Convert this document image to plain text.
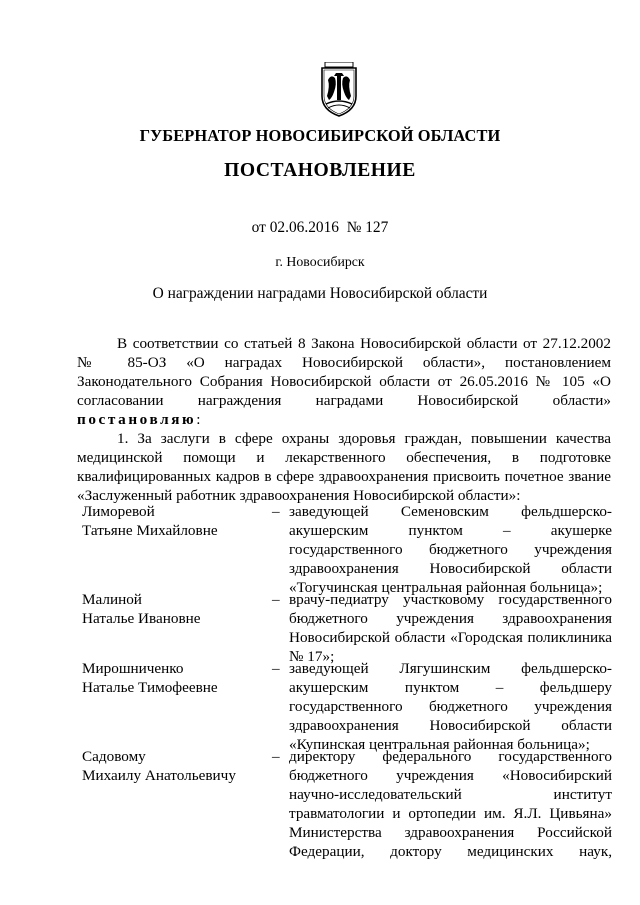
ГУБЕРНАТОР НОВОСИБИРСКОЙ ОБЛАСТИ
ПОСТАНОВЛЕНИЕ
от 02.06.2016  № 127
г. Новосибирск
О награждении наградами Новосибирской области
В соответствии со статьей 8 Закона Новосибирской области от 27.12.2002
№ 85-ОЗ «О наградах Новосибирской области», постановлением
Законодательного Собрания Новосибирской области от 26.05.2016 № 105 «О
согласовании награждения наградами Новосибирской области»
постановляю:
1. За заслуги в сфере охраны здоровья граждан, повышении качества
медицинской помощи и лекарственного обеспечения, в подготовке
квалифицированных кадров в сфере здравоохранения присвоить почетное звание
«Заслуженный работник здравоохранения Новосибирской области»:
Лиморевой
Татьяне Михайловне
– заведующей Семеновским фельдшерско-
акушерским пунктом – акушерке
государственного бюджетного учреждения
здравоохранения Новосибирской области
«Тогучинская центральная районная больница»;
Малиной
Наталье Ивановне
– врачу-педиатру участковому государственного
бюджетного учреждения здравоохранения
Новосибирской области «Городская поликлиника
№ 17»;
Мирошниченко
Наталье Тимофеевне
– заведующей Лягушинским фельдшерско-
акушерским пунктом – фельдшеру
государственного бюджетного учреждения
здравоохранения Новосибирской области
«Купинская центральная районная больница»;
Садовому
Михаилу Анатольевичу
– директору федерального государственного
бюджетного учреждения «Новосибирский
научно-исследовательский институт
травматологии и ортопедии им. Я.Л. Цивьяна»
Министерства здравоохранения Российской
Федерации, доктору медицинских наук,
